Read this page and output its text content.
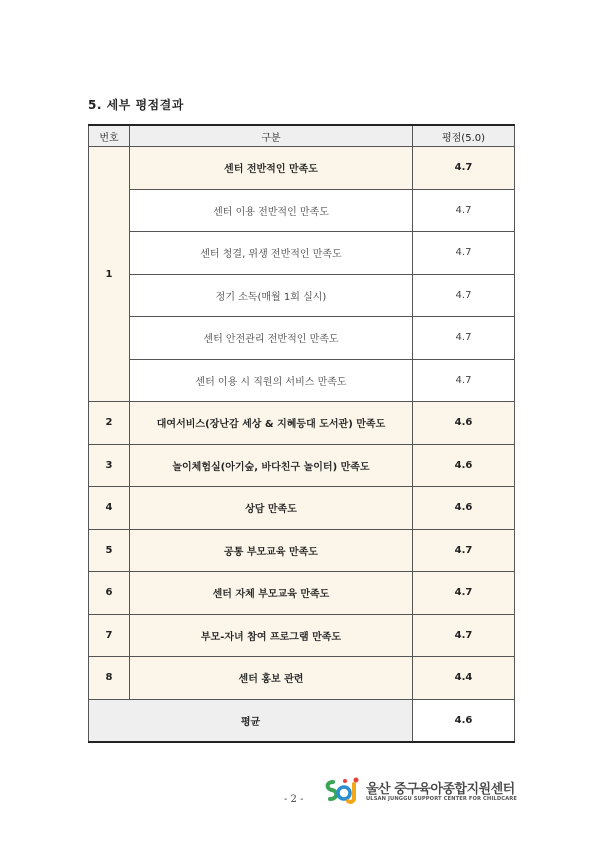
5. 세부 평점결과
번호	구분	평점(5.0)
1	센터 전반적인 만족도	4.7
	센터 이용 전반적인 만족도	4.7
	센터 청결, 위생 전반적인 만족도	4.7
	정기 소독(매월 1회 실시)	4.7
	센터 안전관리 전반적인 만족도	4.7
	센터 이용 시 직원의 서비스 만족도	4.7
2	대여서비스(장난감 세상 & 지혜등대 도서관) 만족도	4.6
3	놀이체험실(아기숲, 바다친구 놀이터) 만족도	4.6
4	상담 만족도	4.6
5	공통 부모교육 만족도	4.7
6	센터 자체 부모교육 만족도	4.7
7	부모-자녀 참여 프로그램 만족도	4.7
8	센터 홍보 관련	4.4
평균		4.6
- 2 -
울산 중구육아종합지원센터
ULSAN JUNGGU SUPPORT CENTER FOR CHILDCARE
